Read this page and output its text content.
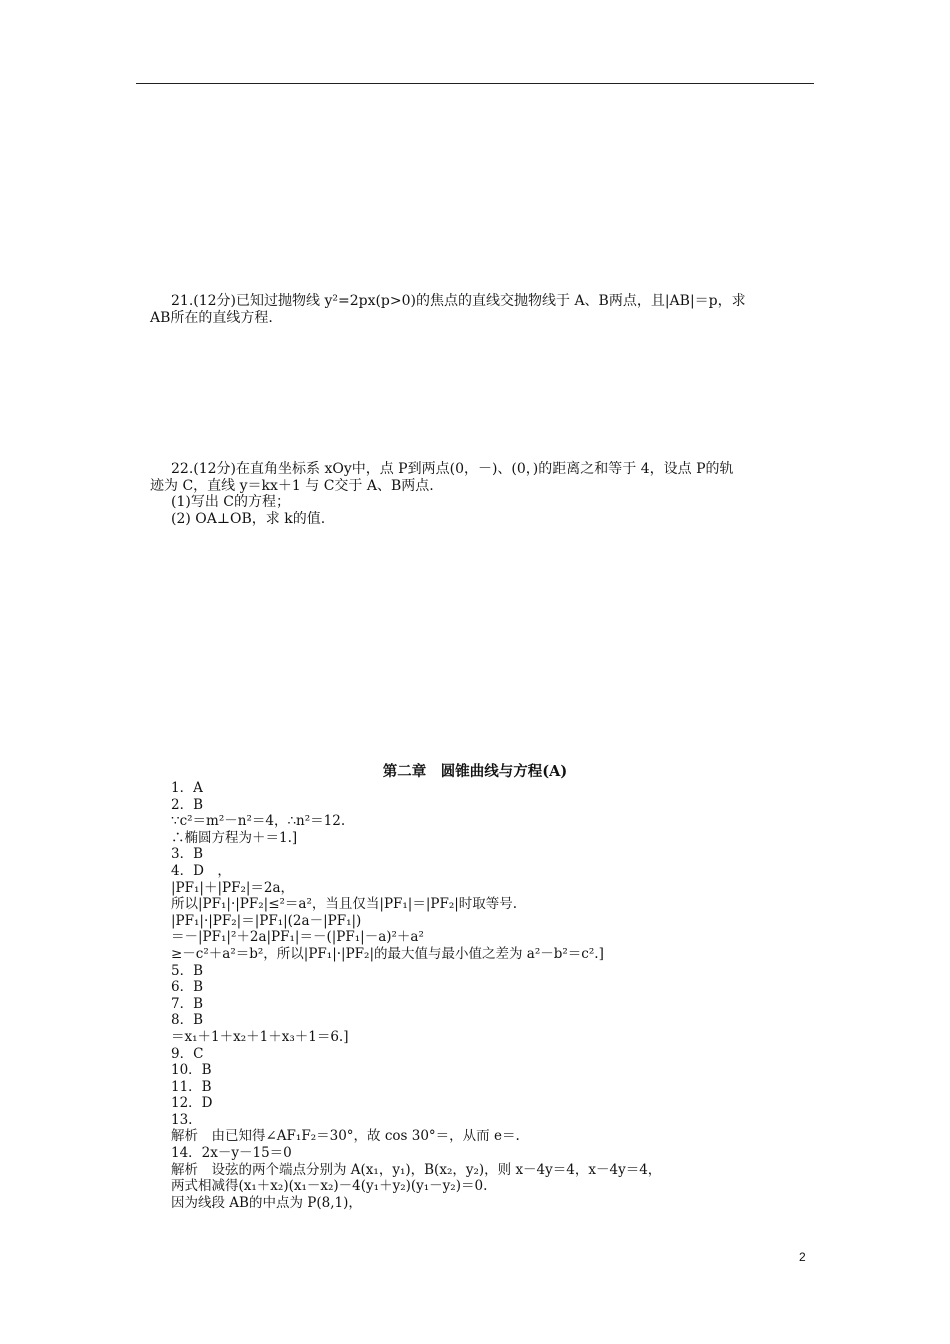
21.(12分)已知过抛物线 y²=2px(p>0)的焦点的直线交抛物线于 A、B两点，且|AB|＝p，求
AB所在的直线方程.
22.(12分)在直角坐标系 xOy中，点 P到两点(0，－)、(0，)的距离之和等于 4，设点 P的轨
迹为 C，直线 y＝kx＋1 与 C交于 A、B两点.
(1)写出 C的方程；
(2) OA⊥OB，求 k的值.
第二章　圆锥曲线与方程(A)
1．A
2．B
∵c²＝m²－n²＝4，∴n²＝12.
∴椭圆方程为＋＝1.]
3．B
4．D　，
|PF₁|＋|PF₂|＝2a，
所以|PF₁|·|PF₂|≤²＝a²，当且仅当|PF₁|＝|PF₂|时取等号.
|PF₁|·|PF₂|＝|PF₁|(2a－|PF₁|)
＝－|PF₁|²＋2a|PF₁|＝－(|PF₁|－a)²＋a²
≥－c²＋a²＝b²，所以|PF₁|·|PF₂|的最大值与最小值之差为 a²－b²＝c².]
5．B
6．B
7．B
8．B
＝x₁＋1＋x₂＋1＋x₃＋1＝6.]
9．C
10．B
11．B
12．D
13.
解析　由已知得∠AF₁F₂＝30°，故 cos 30°＝，从而 e＝.
14．2x－y－15＝0
解析　设弦的两个端点分别为 A(x₁，y₁)，B(x₂，y₂)，则 x－4y＝4，x－4y＝4，
两式相减得(x₁＋x₂)(x₁－x₂)－4(y₁＋y₂)(y₁－y₂)＝0.
因为线段 AB的中点为 P(8,1)，
2
